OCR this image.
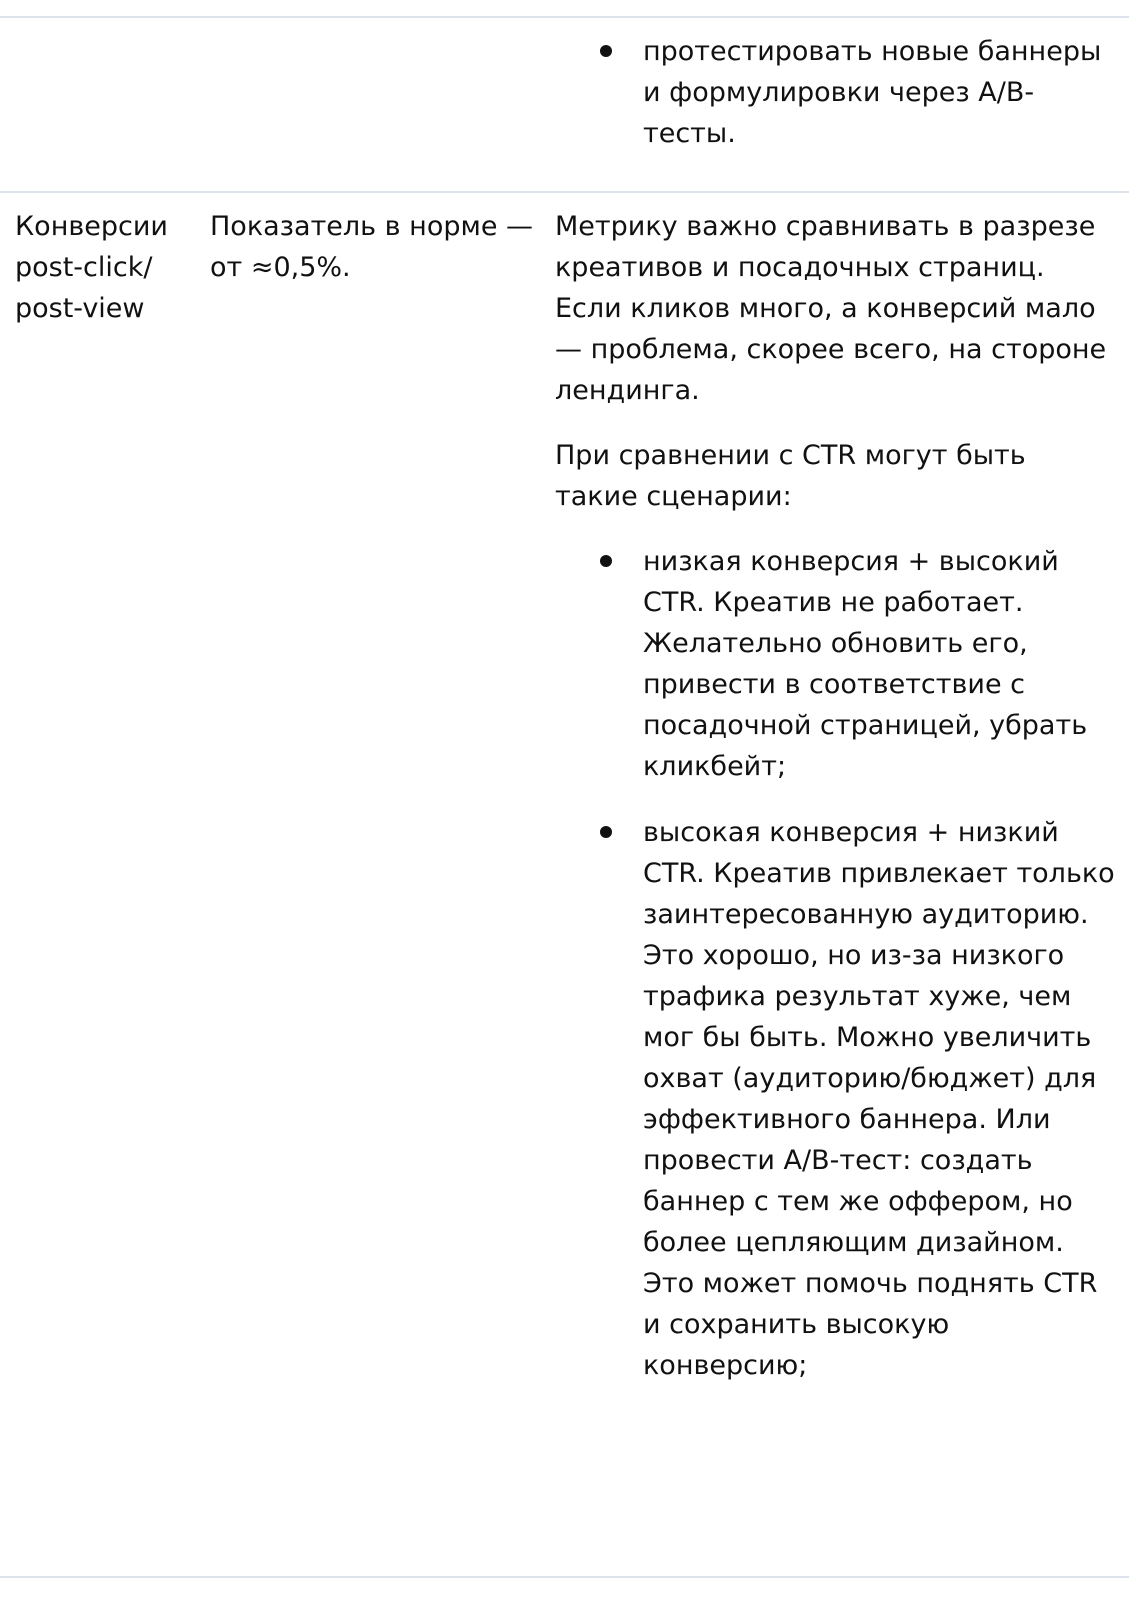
протестировать новые баннеры и формулировки через A/B-тесты.

Конверсии post-click/ post-view

Показатель в норме — от ≈0,5%.

Метрику важно сравнивать в разрезе креативов и посадочных страниц. Если кликов много, а конверсий мало — проблема, скорее всего, на стороне лендинга.

При сравнении с CTR могут быть такие сценарии:

низкая конверсия + высокий CTR. Креатив не работает. Желательно обновить его, привести в соответствие с посадочной страницей, убрать кликбейт;
высокая конверсия + низкий CTR. Креатив привлекает только заинтересованную аудиторию. Это хорошо, но из-за низкого трафика результат хуже, чем мог бы быть. Можно увеличить охват (аудиторию/бюджет) для эффективного баннера. Или провести A/B-тест: создать баннер с тем же оффером, но более цепляющим дизайном. Это может помочь поднять CTR и сохранить высокую конверсию;
